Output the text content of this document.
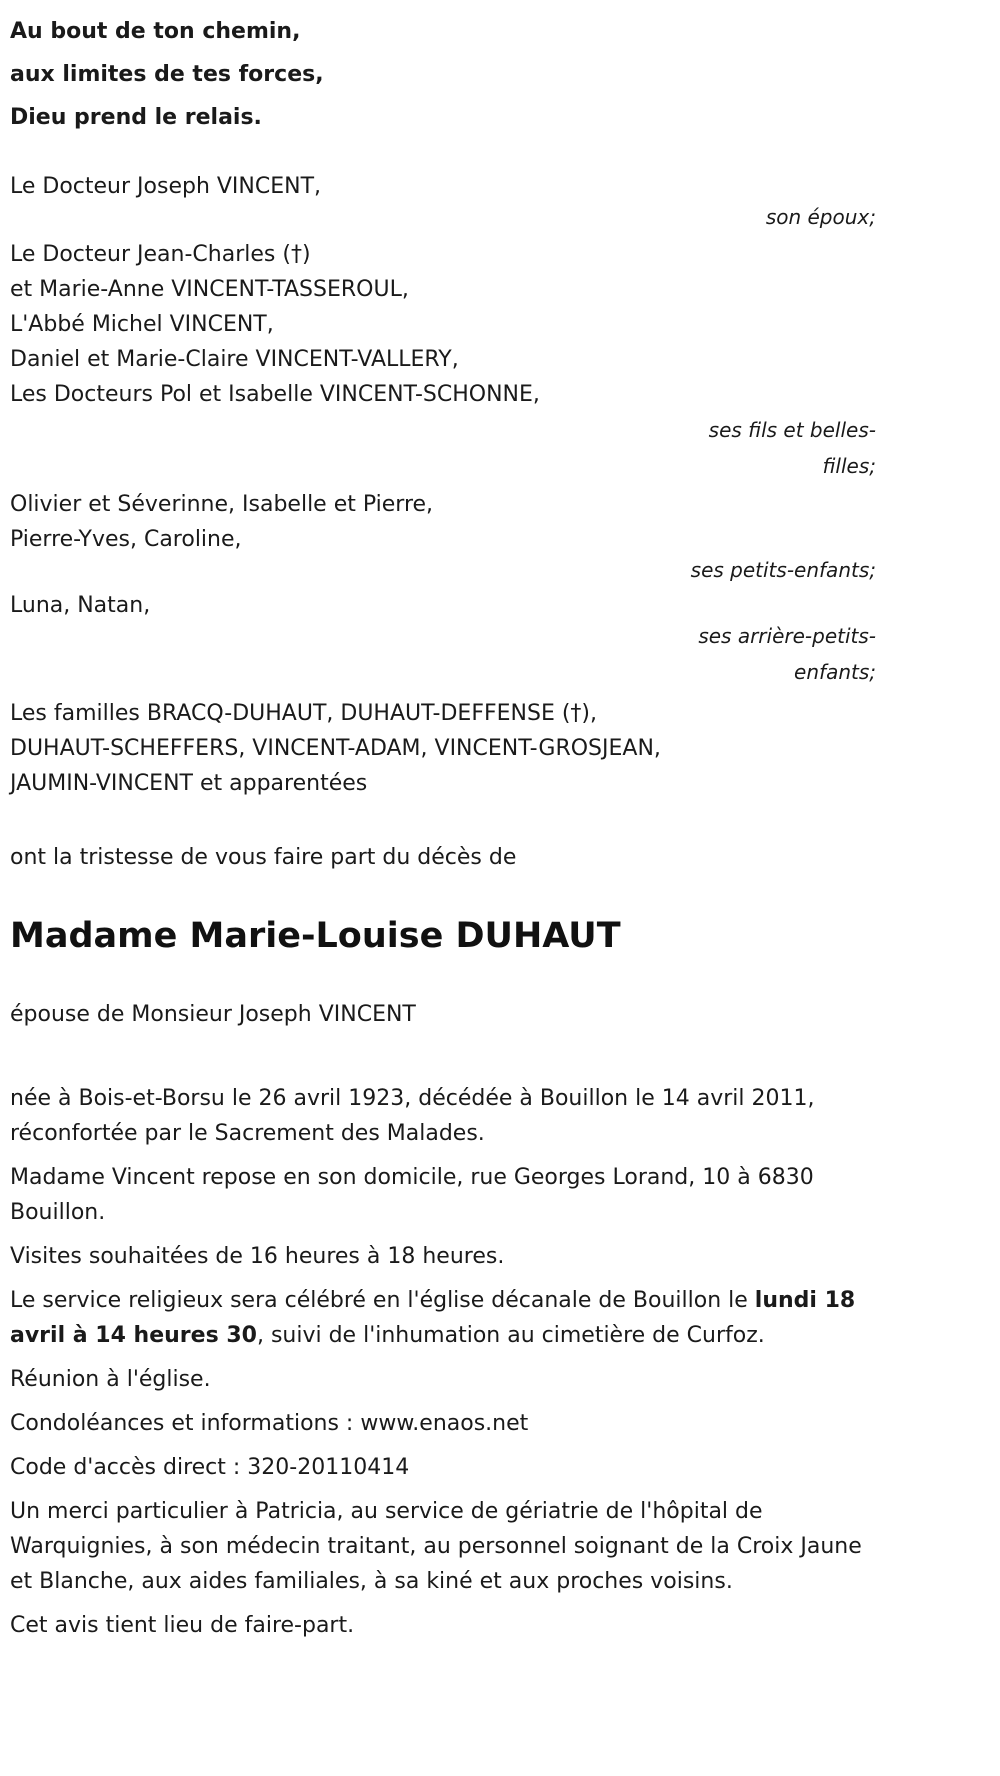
Au bout de ton chemin,
aux limites de tes forces,
Dieu prend le relais.
Le Docteur Joseph VINCENT,
son époux;
Le Docteur Jean-Charles (†)
et Marie-Anne VINCENT-TASSEROUL,
L'Abbé Michel VINCENT,
Daniel et Marie-Claire VINCENT-VALLERY,
Les Docteurs Pol et Isabelle VINCENT-SCHONNE,
ses fils et belles-filles;
Olivier et Séverinne, Isabelle et Pierre,
Pierre-Yves, Caroline,
ses petits-enfants;
Luna, Natan,
ses arrière-petits-enfants;
Les familles BRACQ-DUHAUT, DUHAUT-DEFFENSE (†),
DUHAUT-SCHEFFERS, VINCENT-ADAM, VINCENT-GROSJEAN,
JAUMIN-VINCENT et apparentées
ont la tristesse de vous faire part du décès de
Madame Marie-Louise DUHAUT
épouse de Monsieur Joseph VINCENT
née à Bois-et-Borsu le 26 avril 1923, décédée à Bouillon le 14 avril 2011, réconfortée par le Sacrement des Malades.
Madame Vincent repose en son domicile, rue Georges Lorand, 10 à 6830 Bouillon.
Visites souhaitées de 16 heures à 18 heures.
Le service religieux sera célébré en l'église décanale de Bouillon le lundi 18 avril à 14 heures 30, suivi de l'inhumation au cimetière de Curfoz.
Réunion à l'église.
Condoléances et informations : www.enaos.net
Code d'accès direct : 320-20110414
Un merci particulier à Patricia, au service de gériatrie de l'hôpital de Warquignies, à son médecin traitant, au personnel soignant de la Croix Jaune et Blanche, aux aides familiales, à sa kiné et aux proches voisins.
Cet avis tient lieu de faire-part.
